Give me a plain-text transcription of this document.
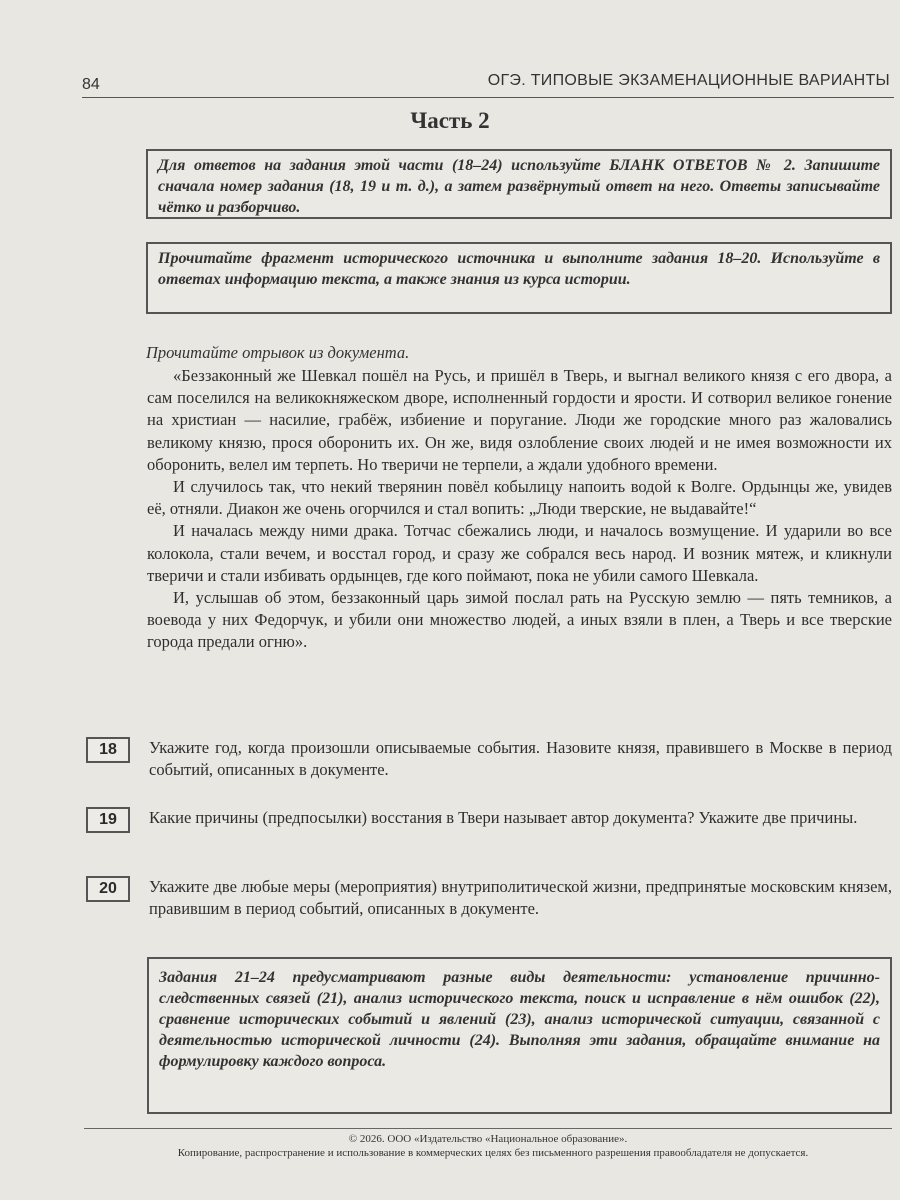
84	ОГЭ. ТИПОВЫЕ ЭКЗАМЕНАЦИОННЫЕ ВАРИАНТЫ
Часть 2
Для ответов на задания этой части (18–24) используйте БЛАНК ОТВЕТОВ № 2. Запишите сначала номер задания (18, 19 и т. д.), а затем развёрнутый ответ на него. Ответы записывайте чётко и разборчиво.
Прочитайте фрагмент исторического источника и выполните задания 18–20. Используйте в ответах информацию текста, а также знания из курса истории.
Прочитайте отрывок из документа.

«Беззаконный же Шевкал пошёл на Русь, и пришёл в Тверь, и выгнал великого князя с его двора, а сам поселился на великокняжеском дворе, исполненный гордости и ярости. И сотворил великое гонение на христиан — насилие, грабёж, избиение и поругание. Люди же городские много раз жаловались великому князю, прося оборонить их. Он же, видя озлобление своих людей и не имея возможности их оборонить, велел им терпеть. Но тверичи не терпели, а ждали удобного времени.

И случилось так, что некий тверянин повёл кобылицу напоить водой к Волге. Ордынцы же, увидев её, отняли. Диакон же очень огорчился и стал вопить: „Люди тверские, не выдавайте!“

И началась между ними драка. Тотчас сбежались люди, и началось возмущение. И ударили во все колокола, стали вечем, и восстал город, и сразу же собрался весь народ. И возник мятеж, и кликнули тверичи и стали избивать ордынцев, где кого поймают, пока не убили самого Шевкала.

И, услышав об этом, беззаконный царь зимой послал рать на Русскую землю — пять темников, а воевода у них Федорчук, и убили они множество людей, а иных взяли в плен, а Тверь и все тверские города предали огню».

18	Укажите год, когда произошли описываемые события. Назовите князя, правившего в Москве в период событий, описанных в документе.
19	Какие причины (предпосылки) восстания в Твери называет автор документа? Укажите две причины.
20	Укажите две любые меры (мероприятия) внутриполитической жизни, предпринятые московским князем, правившим в период событий, описанных в документе.
Задания 21–24 предусматривают разные виды деятельности: установление причинно-следственных связей (21), анализ исторического текста, поиск и исправление в нём ошибок (22), сравнение исторических событий и явлений (23), анализ исторической ситуации, связанной с деятельностью исторической личности (24). Выполняя эти задания, обращайте внимание на формулировку каждого вопроса.
© 2026. ООО «Издательство «Национальное образование».
Копирование, распространение и использование в коммерческих целях без письменного разрешения правообладателя не допускается.
